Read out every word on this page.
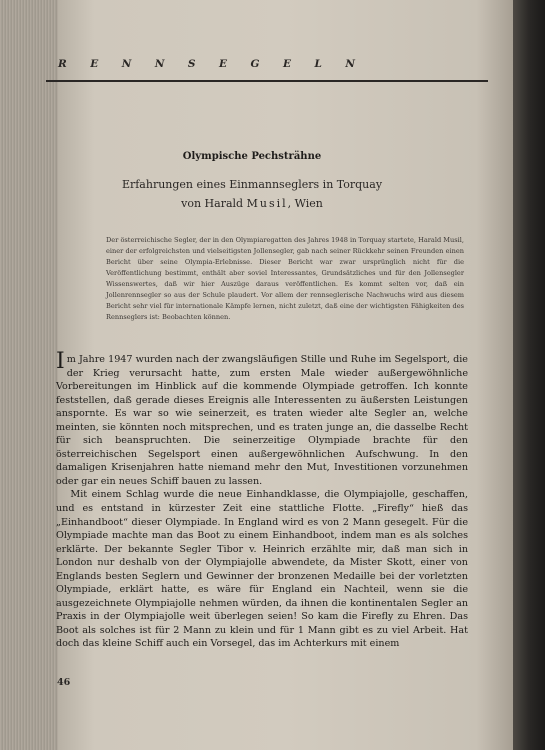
RENNSEGELN
Olympische Pechsträhne
Erfahrungen eines Einmannseglers in Torquay
von Harald Musil, Wien
Der österreichische Segler, der in den Olympiaregatten des Jahres 1948 in Torquay startete, Harald Musil, einer der erfolgreichsten und vielseitigsten Jollensegler, gab nach seiner Rückkehr seinen Freunden einen Bericht über seine Olympia-Erlebnisse. Dieser Bericht war zwar ursprünglich nicht für die Veröffentlichung bestimmt, enthält aber soviel Interessantes, Grundsätzliches und für den Jollensegler Wissenswertes, daß wir hier Auszüge daraus veröffentlichen. Es kommt selten vor, daß ein Jollenrennsegler so aus der Schule plaudert. Vor allem der rennseglerische Nachwuchs wird aus diesem Bericht sehr viel für internationale Kämpfe lernen, nicht zuletzt, daß eine der wichtigsten Fähigkeiten des Rennseglers ist: Beobachten können.

Im Jahre 1947 wurden nach der zwangsläufigen Stille und Ruhe im Segelsport, die der Krieg verursacht hatte, zum ersten Male wieder außergewöhnliche Vorbereitungen im Hinblick auf die kommende Olympiade getroffen. Ich konnte feststellen, daß gerade dieses Ereignis alle Interessenten zu äußersten Leistungen anspornte. Es war so wie seinerzeit, es traten wieder alte Segler an, welche meinten, sie könnten noch mitsprechen, und es traten junge an, die dasselbe Recht für sich beanspruchten. Die seinerzeitige Olympiade brachte für den österreichischen Segelsport einen außergewöhnlichen Aufschwung. In den damaligen Krisenjahren hatte niemand mehr den Mut, Investitionen vorzunehmen oder gar ein neues Schiff bauen zu lassen.

Mit einem Schlag wurde die neue Einhandklasse, die Olympiajolle, geschaffen, und es entstand in kürzester Zeit eine stattliche Flotte. „Firefly“ hieß das „Einhandboot“ dieser Olympiade. In England wird es von 2 Mann gesegelt. Für die Olympiade machte man das Boot zu einem Einhandboot, indem man es als solches erklärte. Der bekannte Segler Tibor v. Heinrich erzählte mir, daß man sich in London nur deshalb von der Olympiajolle abwendete, da Mister Skott, einer von Englands besten Seglern und Gewinner der bronzenen Medaille bei der vorletzten Olympiade, erklärt hatte, es wäre für England ein Nachteil, wenn sie die ausgezeichnete Olympiajolle nehmen würden, da ihnen die kontinentalen Segler an Praxis in der Olympiajolle weit überlegen seien! So kam die Firefly zu Ehren. Das Boot als solches ist für 2 Mann zu klein und für 1 Mann gibt es zu viel Arbeit. Hat doch das kleine Schiff auch ein Vorsegel, das im Achterkurs mit einem

46
